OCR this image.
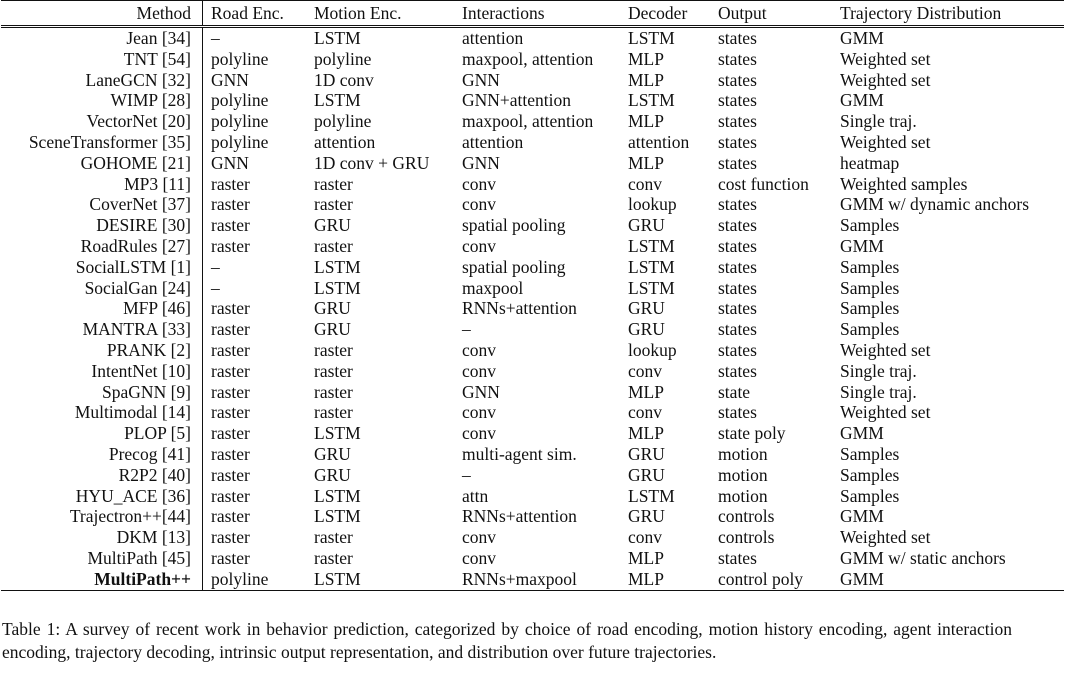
Method	Road Enc.	Motion Enc.	Interactions	Decoder	Output	Trajectory Distribution
Jean [34]	–	LSTM	attention	LSTM	states	GMM
TNT [54]	polyline	polyline	maxpool, attention	MLP	states	Weighted set
LaneGCN [32]	GNN	1D conv	GNN	MLP	states	Weighted set
WIMP [28]	polyline	LSTM	GNN+attention	LSTM	states	GMM
VectorNet [20]	polyline	polyline	maxpool, attention	MLP	states	Single traj.
SceneTransformer [35]	polyline	attention	attention	attention	states	Weighted set
GOHOME [21]	GNN	1D conv + GRU	GNN	MLP	states	heatmap
MP3 [11]	raster	raster	conv	conv	cost function	Weighted samples
CoverNet [37]	raster	raster	conv	lookup	states	GMM w/ dynamic anchors
DESIRE [30]	raster	GRU	spatial pooling	GRU	states	Samples
RoadRules [27]	raster	raster	conv	LSTM	states	GMM
SocialLSTM [1]	–	LSTM	spatial pooling	LSTM	states	Samples
SocialGan [24]	–	LSTM	maxpool	LSTM	states	Samples
MFP [46]	raster	GRU	RNNs+attention	GRU	states	Samples
MANTRA [33]	raster	GRU	–	GRU	states	Samples
PRANK [2]	raster	raster	conv	lookup	states	Weighted set
IntentNet [10]	raster	raster	conv	conv	states	Single traj.
SpaGNN [9]	raster	raster	GNN	MLP	state	Single traj.
Multimodal [14]	raster	raster	conv	conv	states	Weighted set
PLOP [5]	raster	LSTM	conv	MLP	state poly	GMM
Precog [41]	raster	GRU	multi-agent sim.	GRU	motion	Samples
R2P2 [40]	raster	GRU	–	GRU	motion	Samples
HYU_ACE [36]	raster	LSTM	attn	LSTM	motion	Samples
Trajectron++[44]	raster	LSTM	RNNs+attention	GRU	controls	GMM
DKM [13]	raster	raster	conv	conv	controls	Weighted set
MultiPath [45]	raster	raster	conv	MLP	states	GMM w/ static anchors
MultiPath++	polyline	LSTM	RNNs+maxpool	MLP	control poly	GMM
Table 1: A survey of recent work in behavior prediction, categorized by choice of road encoding, motion history encoding, agent interaction encoding, trajectory decoding, intrinsic output representation, and distribution over future trajectories.
